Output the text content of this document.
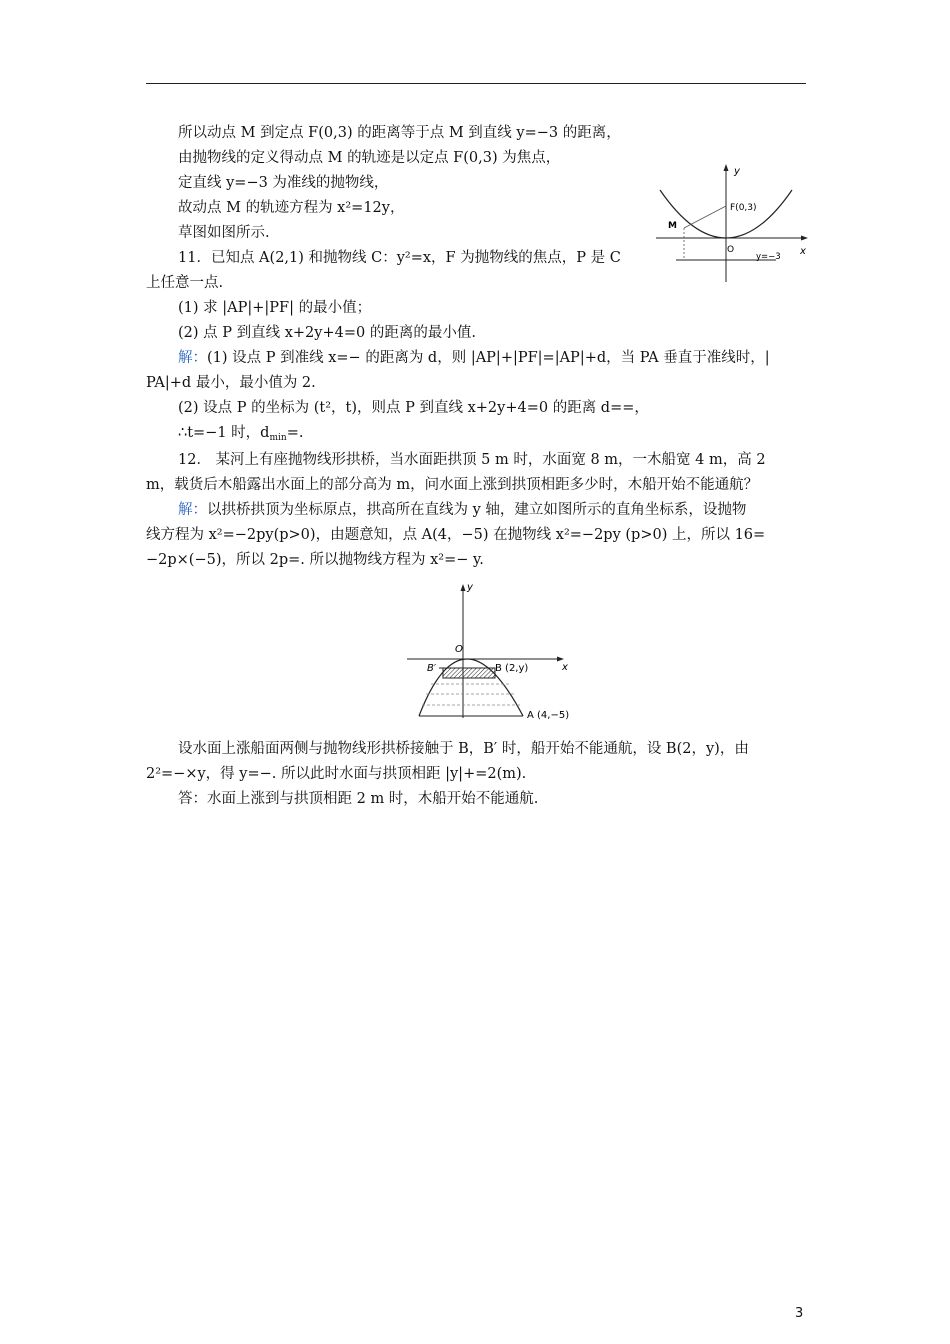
所以动点 M 到定点 F(0,3) 的距离等于点 M 到直线 y=−3 的距离，
由抛物线的定义得动点 M 的轨迹是以定点 F(0,3) 为焦点，
定直线 y=−3 为准线的抛物线，
故动点 M 的轨迹方程为 x²=12y，
草图如图所示.
11．已知点 A(2,1) 和抛物线 C：y²=x，F 为抛物线的焦点，P 是 C
上任意一点.
(1) 求 |AP|+|PF| 的最小值；
(2) 点 P 到直线 x+2y+4=0 的距离的最小值.
解：(1) 设点 P 到准线 x=− 的距离为 d，则 |AP|+|PF|=|AP|+d，当 PA 垂直于准线时，|
PA|+d 最小，最小值为 2.
(2) 设点 P 的坐标为 (t²，t)，则点 P 到直线 x+2y+4=0 的距离 d==，
∴t=−1 时，$d_{min}=$.
12． 某河上有座抛物线形拱桥，当水面距拱顶 5 m 时，水面宽 8 m，一木船宽 4 m，高 2
m，载货后木船露出水面上的部分高为 m，问水面上涨到拱顶相距多少时，木船开始不能通航？
解：以拱桥拱顶为坐标原点，拱高所在直线为 y 轴，建立如图所示的直角坐标系，设抛物
线方程为 x²=−2py(p>0)，由题意知，点 A(4，−5) 在抛物线 x²=−2py (p>0) 上，所以 16=
−2p×(−5)，所以 2p=. 所以抛物线方程为 x²=− y.
设水面上涨船面两侧与抛物线形拱桥接触于 B，B′ 时，船开始不能通航，设 B(2，y)，由
2²=−×y，得 y=−. 所以此时水面与拱顶相距 |y|+=2(m).
答：水面上涨到与拱顶相距 2 m 时，木船开始不能通航.
y
x
F(0,3)
O
M
y=−3
y
x
O
B′	B (2,y)
A (4,−5)
3
